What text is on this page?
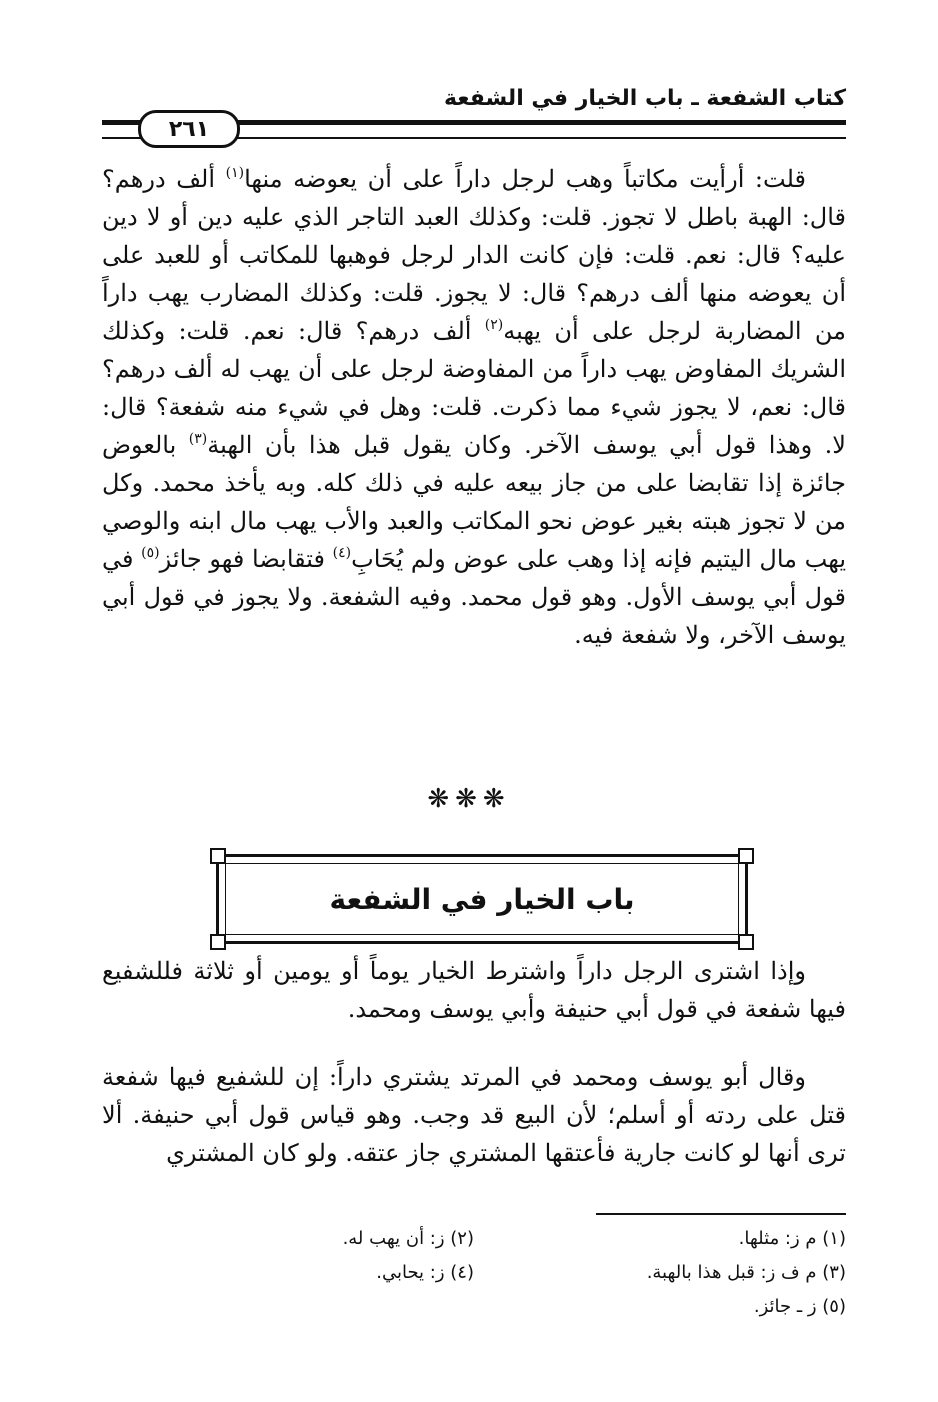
كتاب الشفعة ـ باب الخيار في الشفعة
٢٦١

قلت: أرأيت مكاتباً وهب لرجل داراً على أن يعوضه منها$^{(١)}$ ألف درهم؟ قال: الهبة باطل لا تجوز. قلت: وكذلك العبد التاجر الذي عليه دين أو لا دين عليه؟ قال: نعم. قلت: فإن كانت الدار لرجل فوهبها للمكاتب أو للعبد على أن يعوضه منها ألف درهم؟ قال: لا يجوز. قلت: وكذلك المضارب يهب داراً من المضاربة لرجل على أن يهبه$^{(٢)}$ ألف درهم؟ قال: نعم. قلت: وكذلك الشريك المفاوض يهب داراً من المفاوضة لرجل على أن يهب له ألف درهم؟ قال: نعم، لا يجوز شيء مما ذكرت. قلت: وهل في شيء منه شفعة؟ قال: لا. وهذا قول أبي يوسف الآخر. وكان يقول قبل هذا بأن الهبة$^{(٣)}$ بالعوض جائزة إذا تقابضا على من جاز بيعه عليه في ذلك كله. وبه يأخذ محمد. وكل من لا تجوز هبته بغير عوض نحو المكاتب والعبد والأب يهب مال ابنه والوصي يهب مال اليتيم فإنه إذا وهب على عوض ولم يُحَابِ$^{(٤)}$ فتقابضا فهو جائز$^{(٥)}$ في قول أبي يوسف الأول. وهو قول محمد. وفيه الشفعة. ولا يجوز في قول أبي يوسف الآخر، ولا شفعة فيه.

❋❋❋
باب الخيار في الشفعة

وإذا اشترى الرجل داراً واشترط الخيار يوماً أو يومين أو ثلاثة فللشفيع فيها شفعة في قول أبي حنيفة وأبي يوسف ومحمد.

وقال أبو يوسف ومحمد في المرتد يشتري داراً: إن للشفيع فيها شفعة قتل على ردته أو أسلم؛ لأن البيع قد وجب. وهو قياس قول أبي حنيفة. ألا ترى أنها لو كانت جارية فأعتقها المشتري جاز عتقه. ولو كان المشتري

(١) م ز: مثلها.
(٢) ز: أن يهب له.
(٣) م ف ز: قبل هذا بالهبة.
(٤) ز: يحابي.
(٥) ز ـ جائز.
